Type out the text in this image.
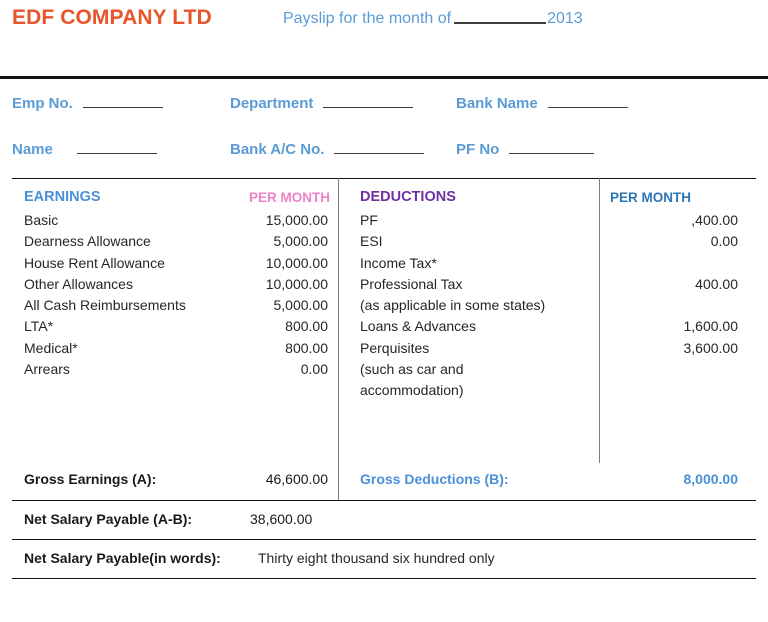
EDF COMPANY LTD	Payslip for the month of	2013
Emp No.	Department	Bank Name
Name	Bank A/C No.	PF No
EARNINGS	PER MONTH DEDUCTIONS	PER MONTH
Basic	15,000.00 PF	,400.00
Dearness Allowance	5,000.00 ESI	0.00
House Rent Allowance	10,000.00 Income Tax*
Other Allowances	10,000.00 Professional Tax	400.00
All Cash Reimbursements	5,000.00 (as applicable in some states)
LTA*	800.00 Loans & Advances	1,600.00
Medical*	800.00 Perquisites	3,600.00
Arrears	0.00 (such as car and
accommodation)
Gross Earnings (A):	46,600.00 Gross Deductions (B):	8,000.00
Net Salary Payable (A-B):	38,600.00
Net Salary Payable(in words):	Thirty eight thousand six hundred only
